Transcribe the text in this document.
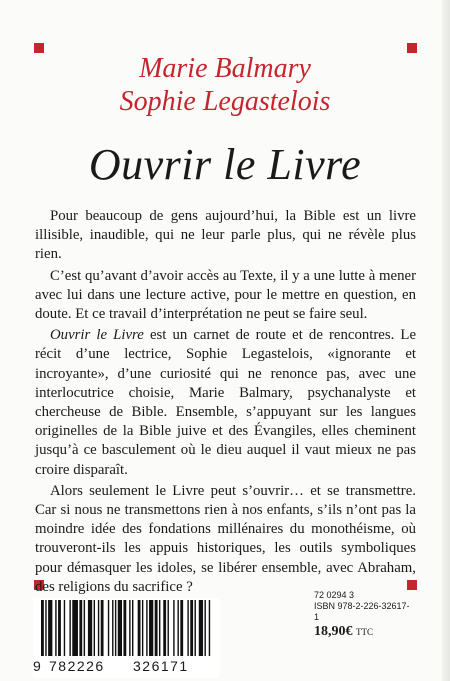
Marie Balmary
Sophie Legastelois
Ouvrir le Livre

Pour beaucoup de gens aujourd’hui, la Bible est un livre illisible, inaudible, qui ne leur parle plus, qui ne révèle plus rien.

C’est qu’avant d’avoir accès au Texte, il y a une lutte à mener avec lui dans une lecture active, pour le mettre en question, en doute. Et ce travail d’interprétation ne peut se faire seul.

Ouvrir le Livre est un carnet de route et de rencontres. Le récit d’une lectrice, Sophie Legastelois, «ignorante et incroyante», d’une curiosité qui ne renonce pas, avec une interlocutrice choisie, Marie Balmary, psychanalyste et chercheuse de Bible. Ensemble, s’appuyant sur les langues originelles de la Bible juive et des Évangiles, elles cheminent jusqu’à ce basculement où le dieu auquel il vaut mieux ne pas croire disparaît.

Alors seulement le Livre peut s’ouvrir… et se transmettre. Car si nous ne transmettons rien à nos enfants, s’ils n’ont pas la moindre idée des fondations millénaires du monothéisme, où trouveront-ils les appuis historiques, les outils symboliques pour démasquer les idoles, se libérer ensemble, avec Abraham, des religions du sacrifice ?

9 782226 326171
72 0294 3
ISBN 978-2-226-32617-1
18,90€ TTC
